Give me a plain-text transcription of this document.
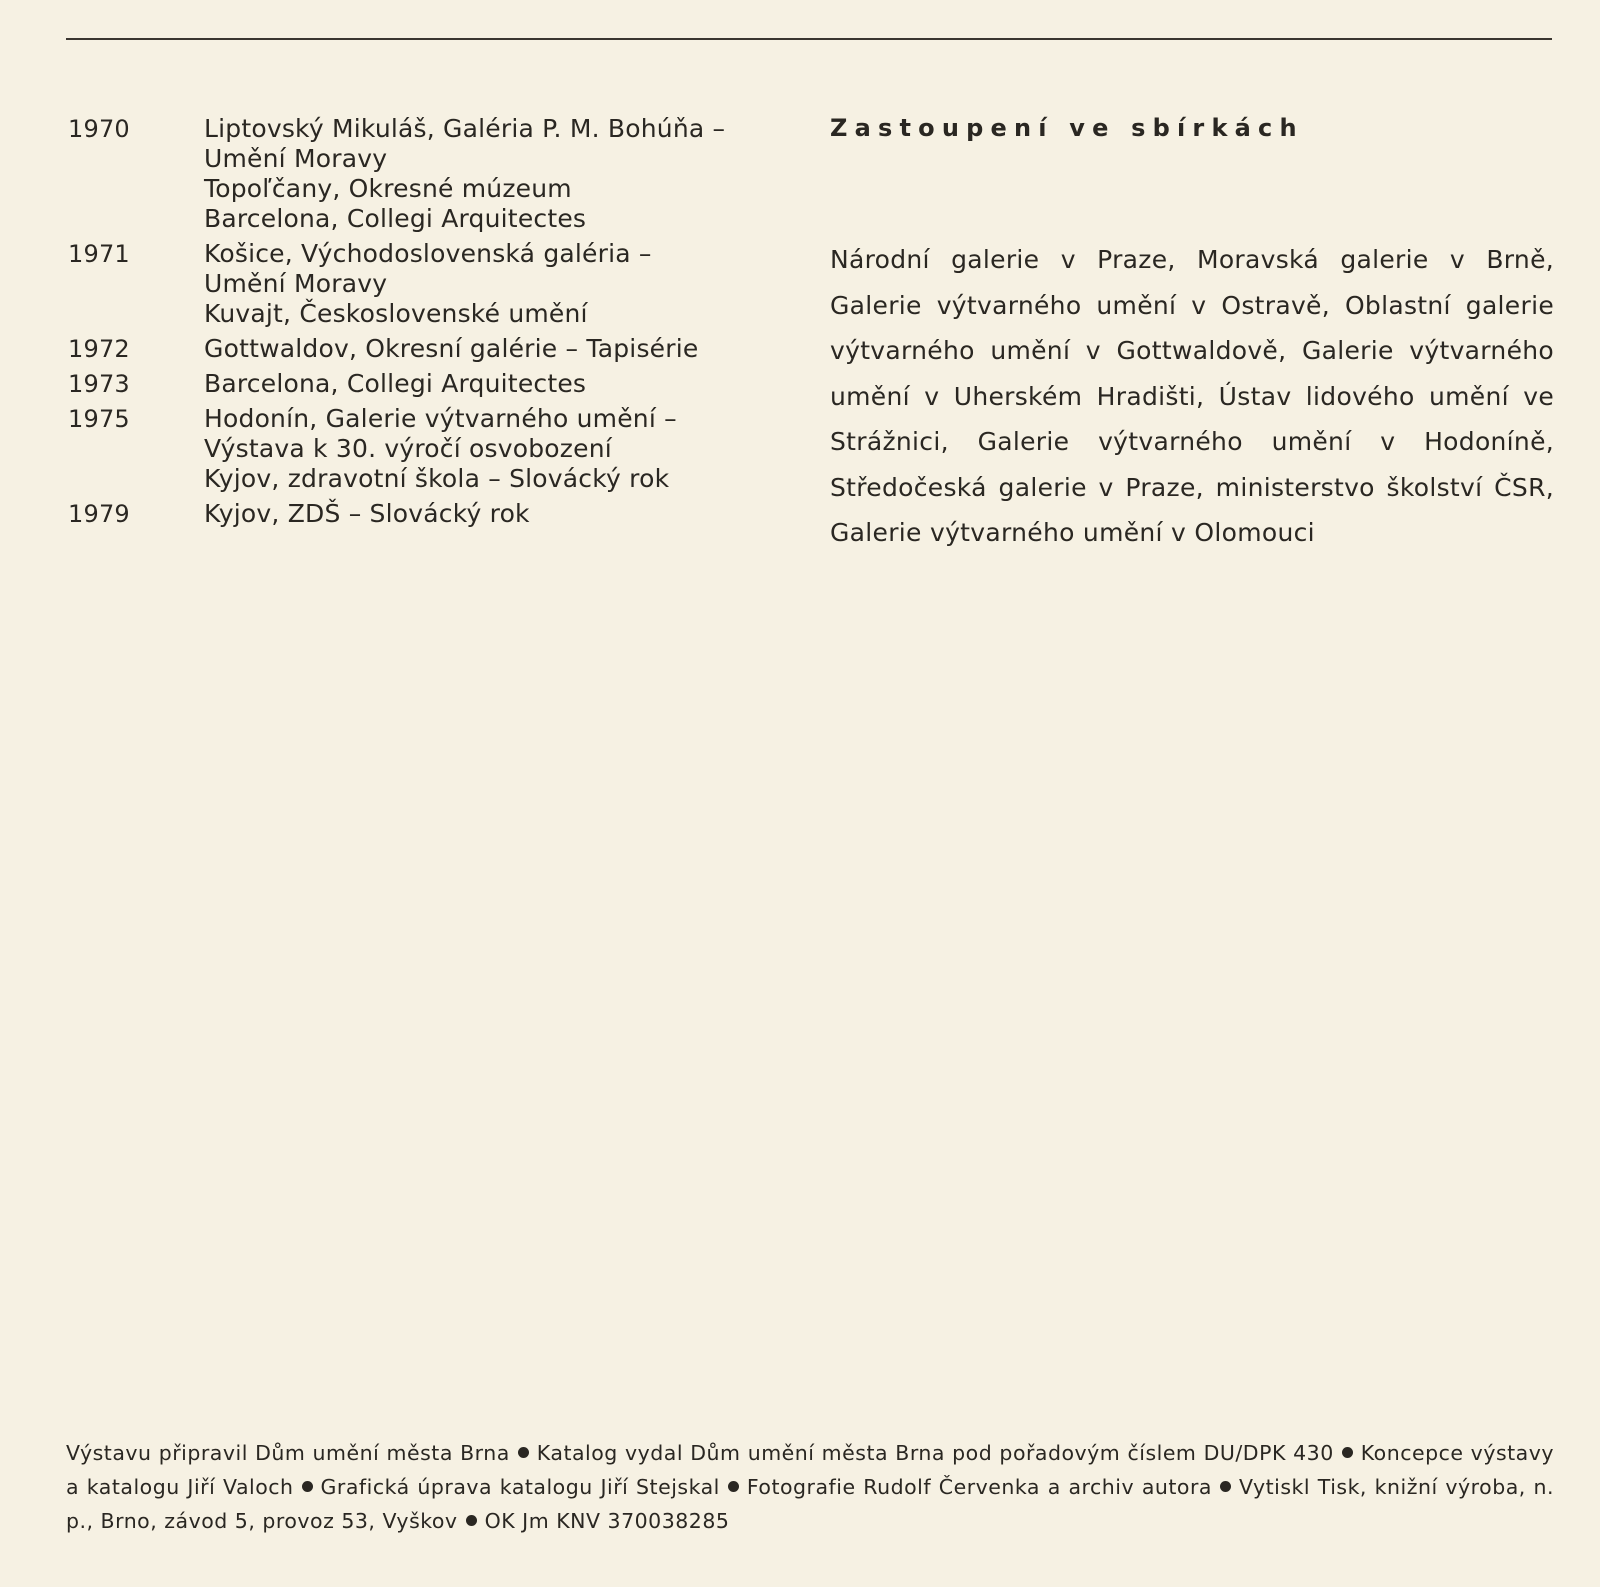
1970	Liptovský Mikuláš, Galéria P. M. Bohúňa –
Umění Moravy
Topoľčany, Okresné múzeum
Barcelona, Collegi Arquitectes
1971	Košice, Východoslovenská galéria –
Umění Moravy
Kuvajt, Československé umění
1972	Gottwaldov, Okresní galérie – Tapisérie
1973	Barcelona, Collegi Arquitectes
1975	Hodonín, Galerie výtvarného umění –
Výstava k 30. výročí osvobození
Kyjov, zdravotní škola – Slovácký rok
1979	Kyjov, ZDŠ – Slovácký rok
Zastoupení ve sbírkách

Národní galerie v Praze, Moravská galerie v Brně, Galerie výtvarného umění v Ostravě, Oblastní galerie výtvarného umění v Gottwaldově, Galerie výtvarného umění v Uherském Hradišti, Ústav lidového umění ve Strážnici, Galerie výtvarného umění v Hodoníně, Středočeská galerie v Praze, ministerstvo školství ČSR, Galerie výtvarného umění v Olomouci

Výstavu připravil Dům umění města Brna Katalog vydal Dům umění města Brna pod pořadovým číslem DU/DPK 430 Koncepce výstavy a katalogu Jiří Valoch Grafická úprava katalogu Jiří Stejskal Fotografie Rudolf Červenka a archiv autora Vytiskl Tisk, knižní výroba, n. p., Brno, závod 5, provoz 53, Vyškov OK Jm KNV 370038285
